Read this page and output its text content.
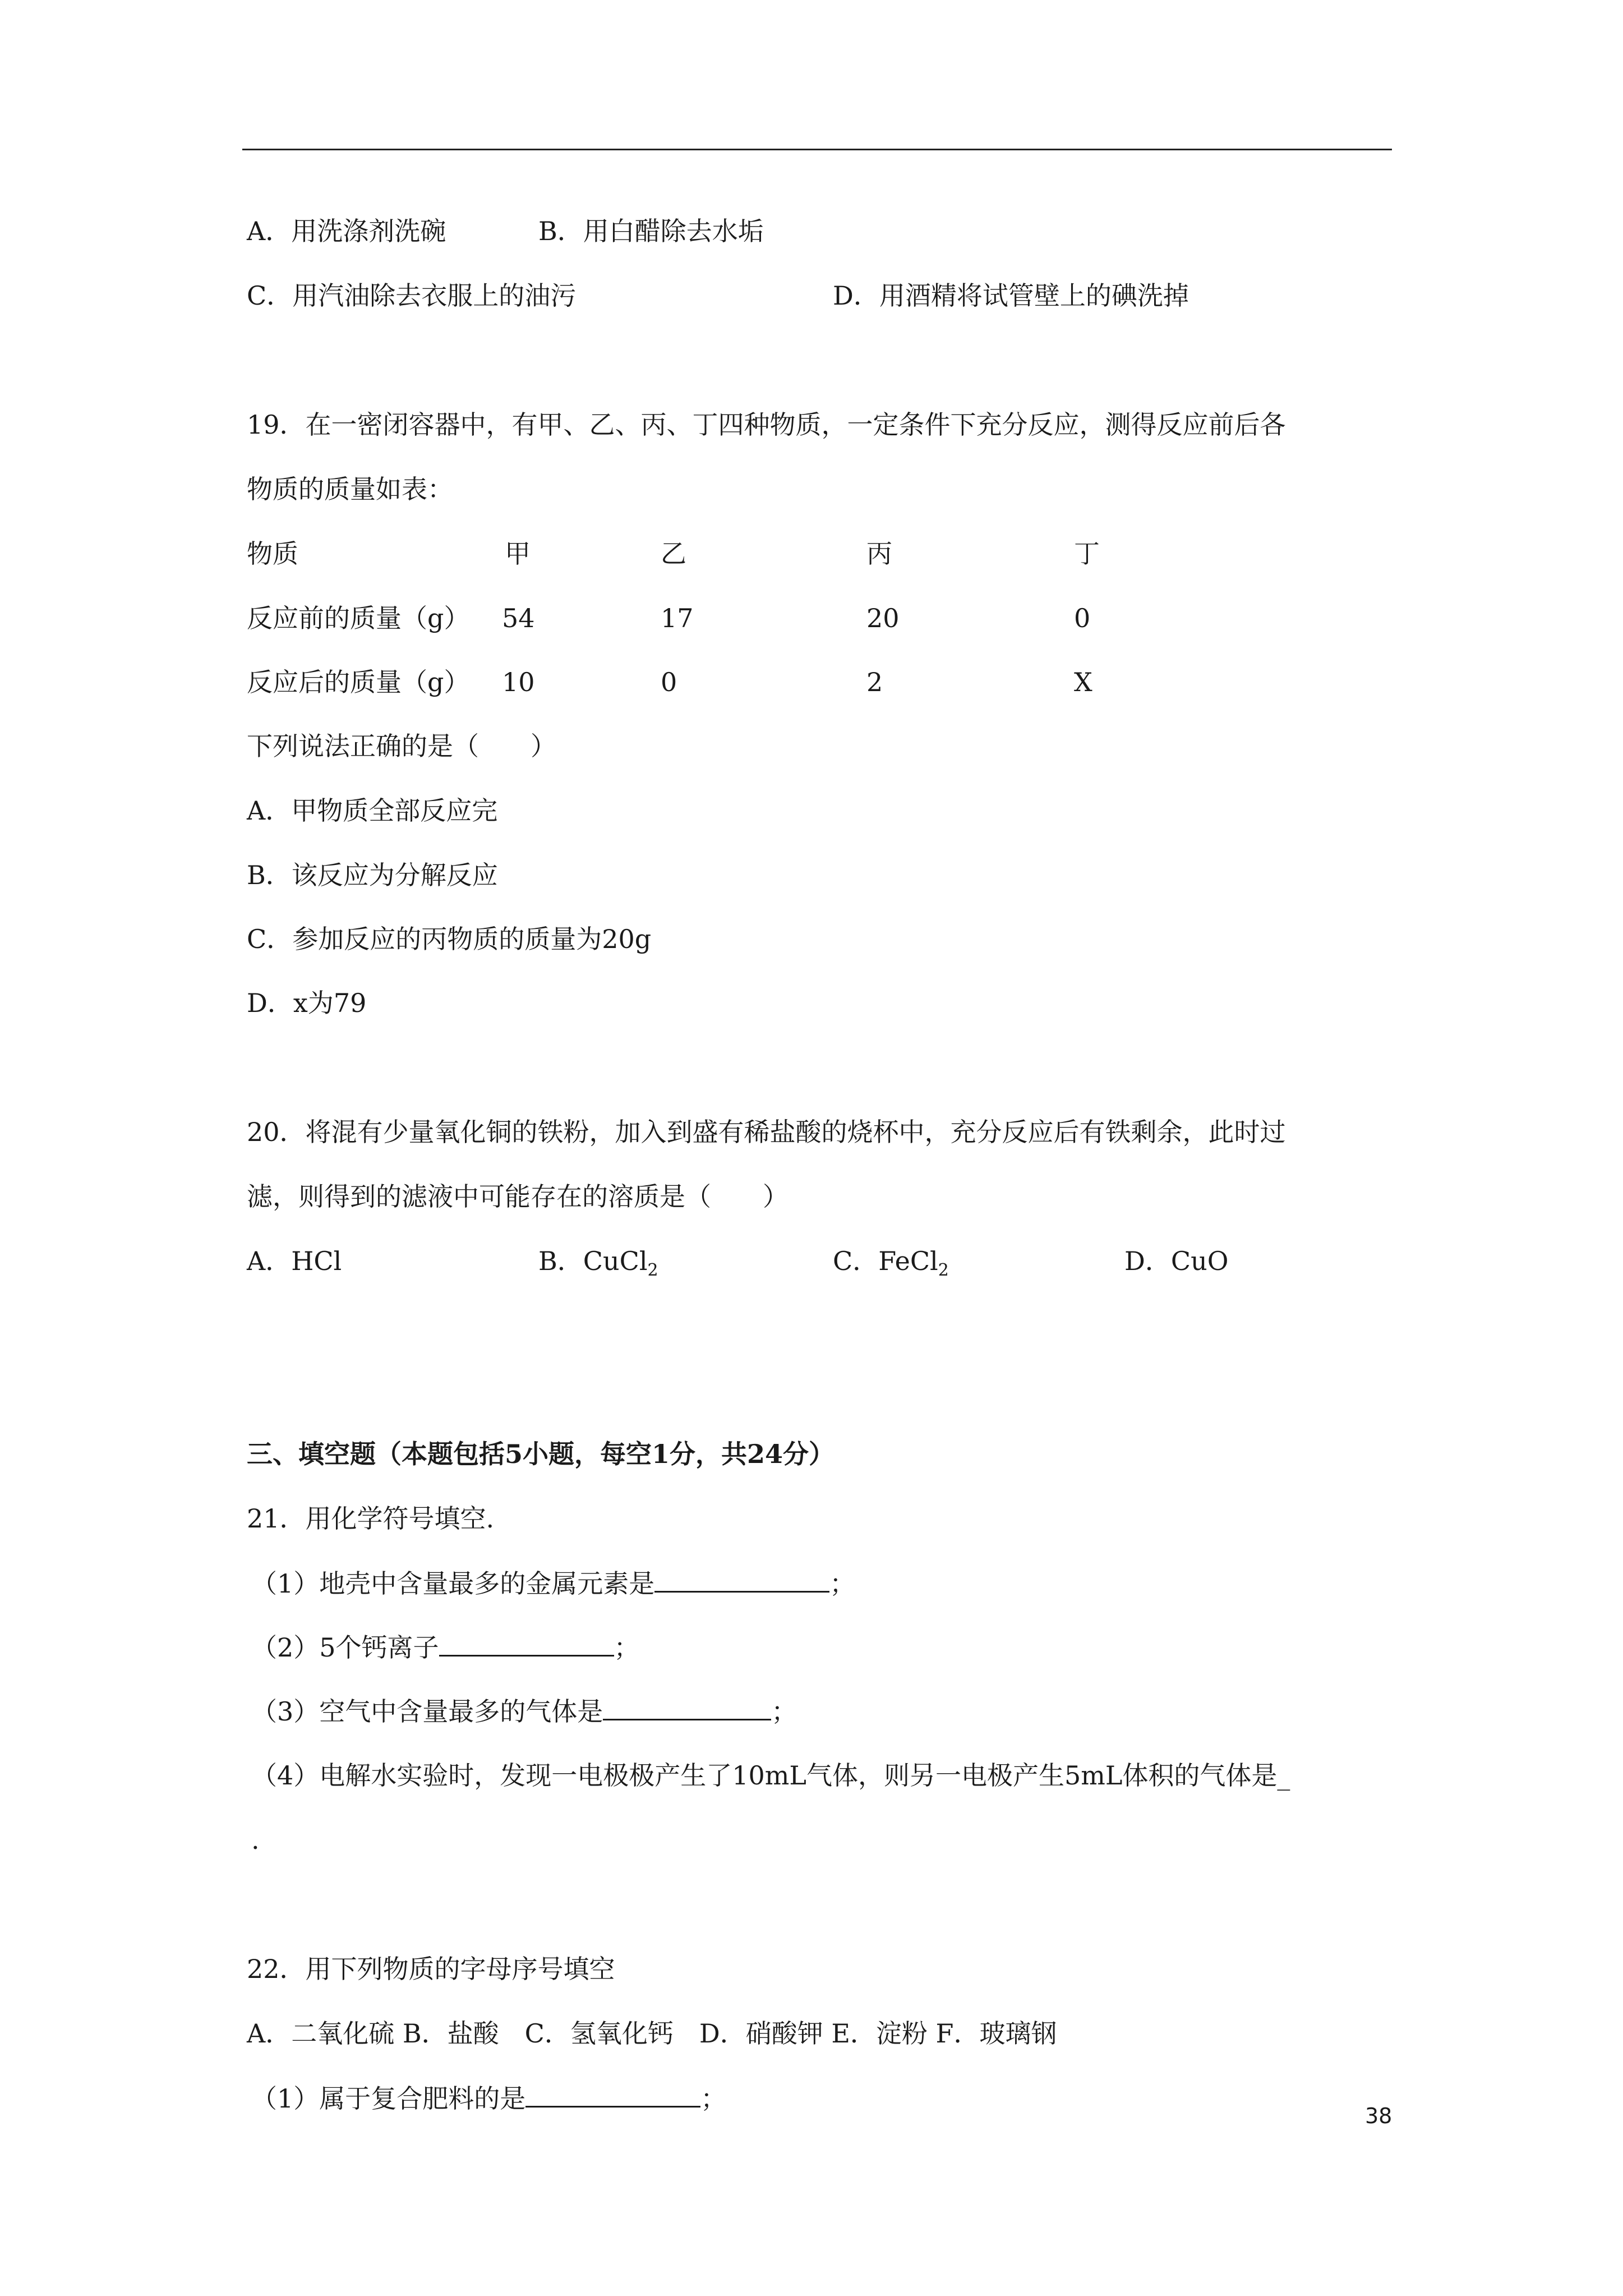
A．用洗涤剂洗碗	B．用白醋除去水垢
C．用汽油除去衣服上的油污	D．用酒精将试管壁上的碘洗掉
19．在一密闭容器中，有甲、乙、丙、丁四种物质，一定条件下充分反应，测得反应前后各
物质的质量如表：
物质	甲	乙	丙	丁
反应前的质量（g） 54	17	20	0
反应后的质量（g） 10	0	2	X
下列说法正确的是（　　）
A．甲物质全部反应完
B．该反应为分解反应
C．参加反应的丙物质的质量为20g
D．x为79
20．将混有少量氧化铜的铁粉，加入到盛有稀盐酸的烧杯中，充分反应后有铁剩余，此时过
滤，则得到的滤液中可能存在的溶质是（　　）
A．HCl	B．CuCl$_2$	C．FeCl$_2$	D．CuO
三、填空题（本题包括5小题，每空1分，共24分）
21．用化学符号填空.
（1）地壳中含量最多的金属元素是	；
（2）5个钙离子	；
（3）空气中含量最多的气体是	；
（4）电解水实验时，发现一电极极产生了10mL气体，则另一电极产生5mL体积的气体是_
.
22．用下列物质的字母序号填空
A．二氧化硫 B．盐酸　C．氢氧化钙　D．硝酸钾 E．淀粉 F．玻璃钢
（1）属于复合肥料的是	；
38
